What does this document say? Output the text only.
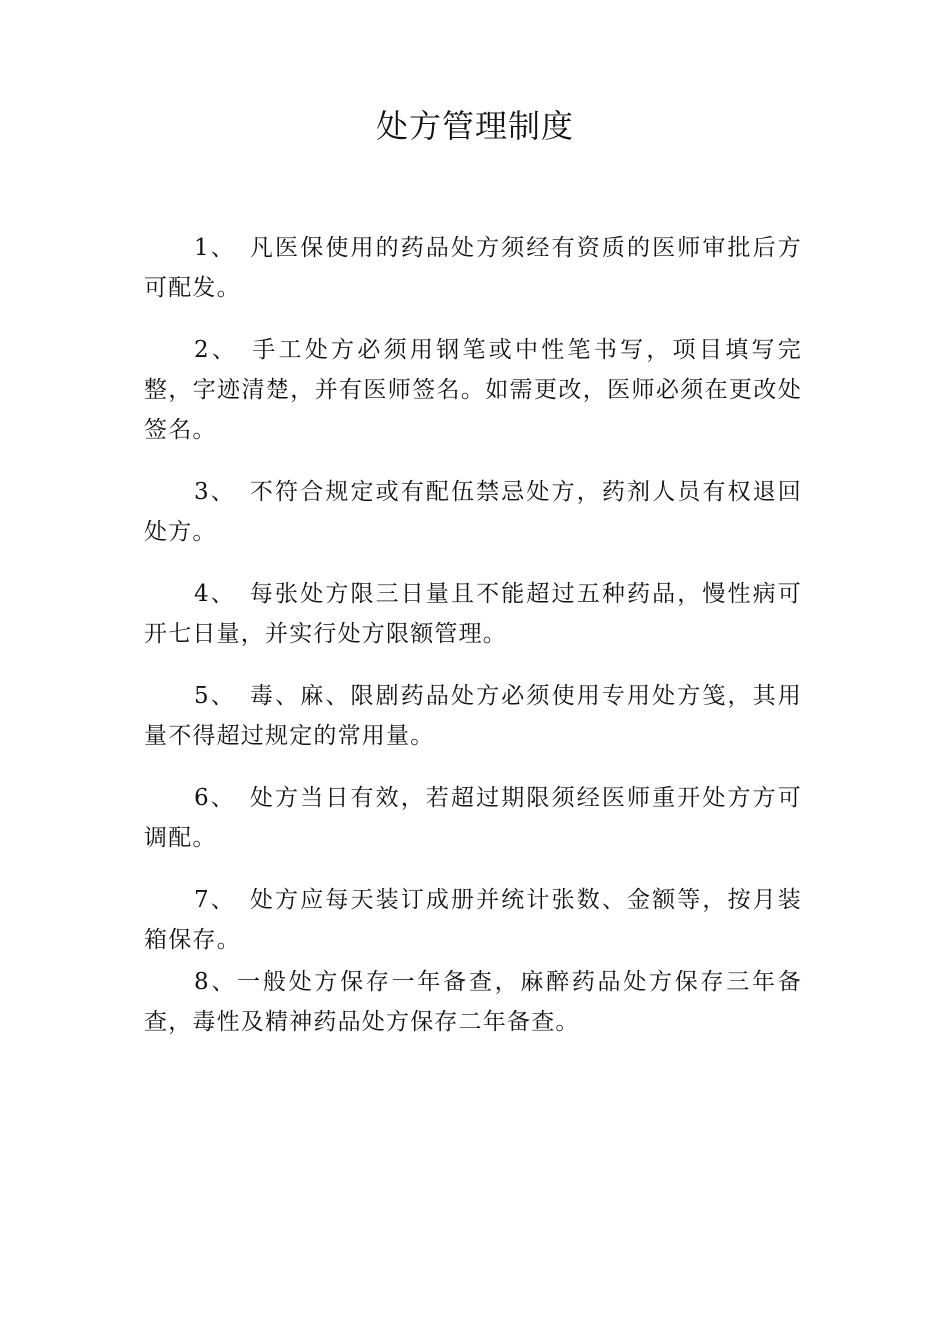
处方管理制度

1、 凡医保使用的药品处方须经有资质的医师审批后方可配发。

2、 手工处方必须用钢笔或中性笔书写，项目填写完整，字迹清楚，并有医师签名。如需更改，医师必须在更改处签名。

3、 不符合规定或有配伍禁忌处方，药剂人员有权退回处方。

4、 每张处方限三日量且不能超过五种药品，慢性病可开七日量，并实行处方限额管理。

5、 毒、麻、限剧药品处方必须使用专用处方笺，其用量不得超过规定的常用量。

6、 处方当日有效，若超过期限须经医师重开处方方可调配。

7、 处方应每天装订成册并统计张数、金额等，按月装箱保存。

8、一般处方保存一年备查，麻醉药品处方保存三年备查，毒性及精神药品处方保存二年备查。
